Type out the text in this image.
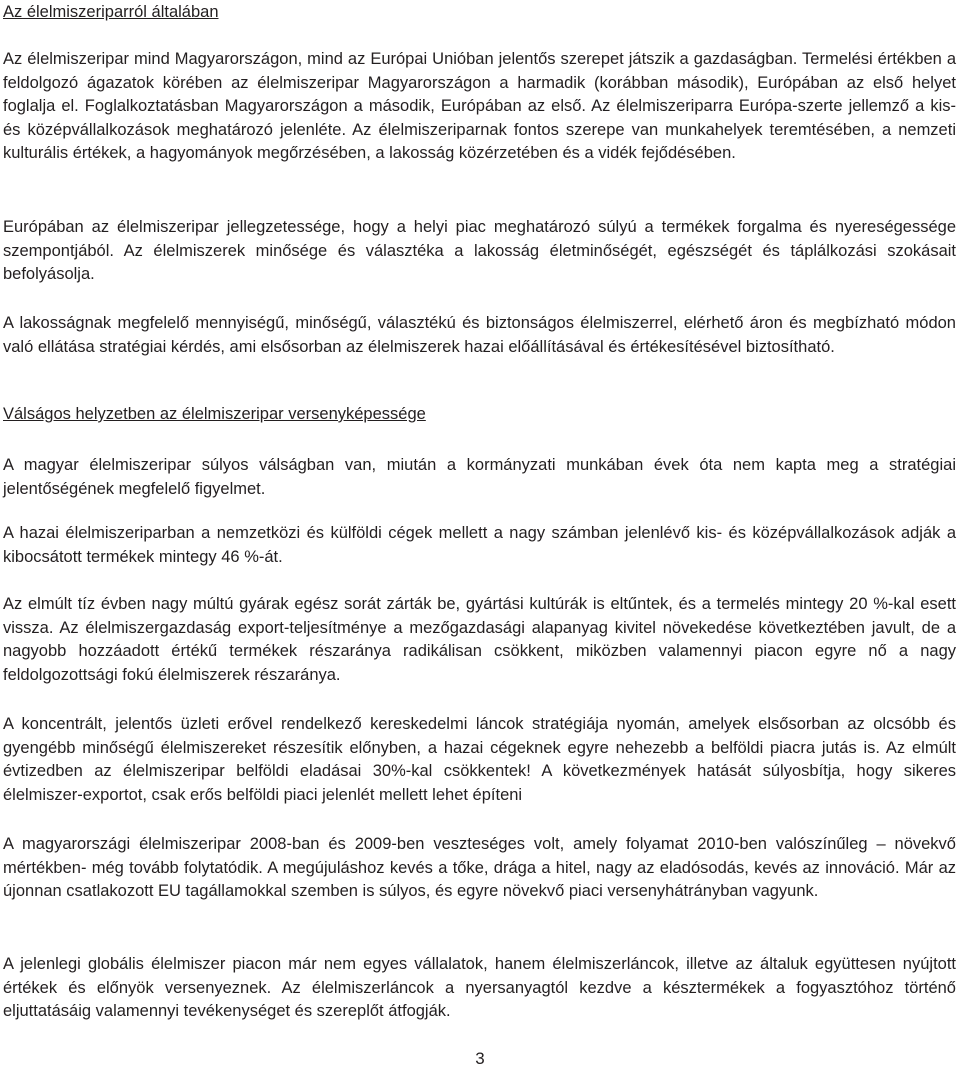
Az élelmiszeriparról általában

Az élelmiszeripar mind Magyarországon, mind az Európai Unióban jelentős szerepet játszik a gazdaságban. Termelési értékben a feldolgozó ágazatok körében az élelmiszeripar Magyarországon a harmadik (korábban második), Európában az első helyet foglalja el. Foglalkoztatásban Magyarországon a második, Európában az első. Az élelmiszeriparra Európa-szerte jellemző a kis- és középvállalkozások meghatározó jelenléte. Az élelmiszeriparnak fontos szerepe van munkahelyek teremtésében, a nemzeti kulturális értékek, a hagyományok megőrzésében, a lakosság közérzetében és a vidék fejődésében.

Európában az élelmiszeripar jellegzetessége, hogy a helyi piac meghatározó súlyú a termékek forgalma és nyereségessége szempontjából. Az élelmiszerek minősége és választéka a lakosság életminőségét, egészségét és táplálkozási szokásait befolyásolja.

A lakosságnak megfelelő mennyiségű, minőségű, választékú és biztonságos élelmiszerrel, elérhető áron és megbízható módon való ellátása stratégiai kérdés, ami elsősorban az élelmiszerek hazai előállításával és értékesítésével biztosítható.

Válságos helyzetben az élelmiszeripar versenyképessége

A magyar élelmiszeripar súlyos válságban van, miután a kormányzati munkában évek óta nem kapta meg a stratégiai jelentőségének megfelelő figyelmet.

A hazai élelmiszeriparban a nemzetközi és külföldi cégek mellett a nagy számban jelenlévő kis- és középvállalkozások adják a kibocsátott termékek mintegy 46 %-át.

Az elmúlt tíz évben nagy múltú gyárak egész sorát zárták be, gyártási kultúrák is eltűntek, és a termelés mintegy 20 %-kal esett vissza. Az élelmiszergazdaság export-teljesítménye a mezőgazdasági alapanyag kivitel növekedése következtében javult, de a nagyobb hozzáadott értékű termékek részaránya radikálisan csökkent, miközben valamennyi piacon egyre nő a nagy feldolgozottsági fokú élelmiszerek részaránya.

A koncentrált, jelentős üzleti erővel rendelkező kereskedelmi láncok stratégiája nyomán, amelyek elsősorban az olcsóbb és gyengébb minőségű élelmiszereket részesítik előnyben, a hazai cégeknek egyre nehezebb a belföldi piacra jutás is. Az elmúlt évtizedben az élelmiszeripar belföldi eladásai 30%-kal csökkentek! A következmények hatását súlyosbítja, hogy sikeres élelmiszer-exportot, csak erős belföldi piaci jelenlét mellett lehet építeni

A magyarországi élelmiszeripar 2008-ban és 2009-ben veszteséges volt, amely folyamat 2010-ben valószínűleg – növekvő mértékben- még tovább folytatódik. A megújuláshoz kevés a tőke, drága a hitel, nagy az eladósodás, kevés az innováció. Már az újonnan csatlakozott EU tagállamokkal szemben is súlyos, és egyre növekvő piaci versenyhátrányban vagyunk.

A jelenlegi globális élelmiszer piacon már nem egyes vállalatok, hanem élelmiszerláncok, illetve az általuk együttesen nyújtott értékek és előnyök versenyeznek. Az élelmiszerláncok a nyersanyagtól kezdve a késztermékek a fogyasztóhoz történő eljuttatásáig valamennyi tevékenységet és szereplőt átfogják.

3
